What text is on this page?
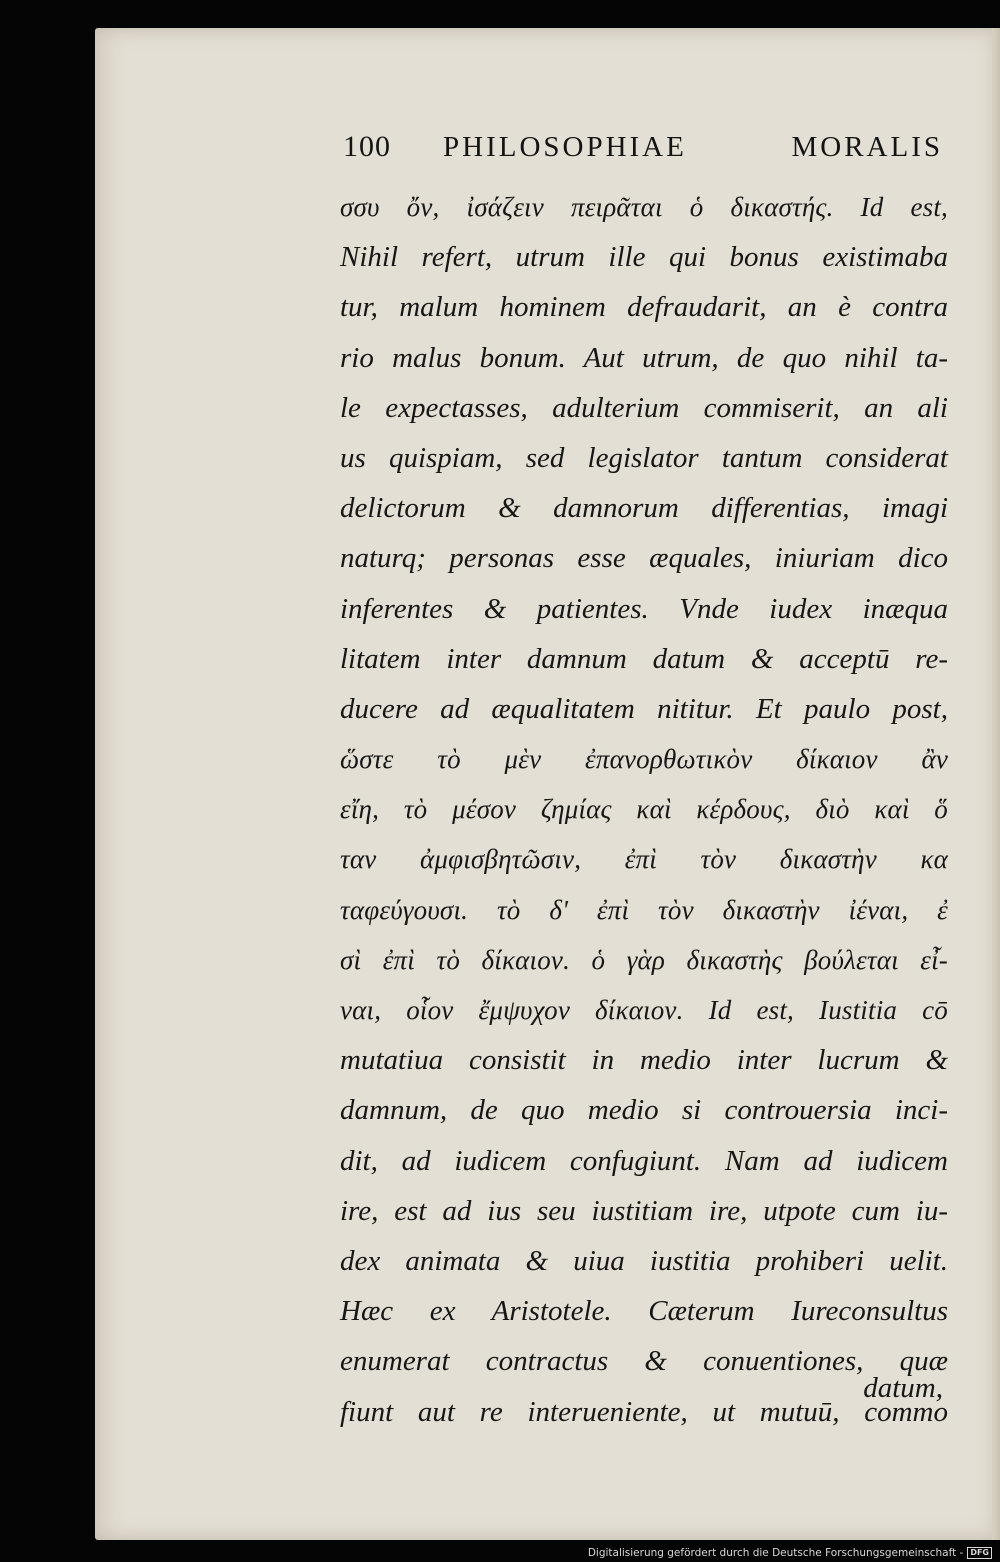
100	PHILOSOPHIAE	MORALIS
σσυ ὄν, ἰσάζειν πειρᾶται ὁ δικαστής. Id est,
Nihil refert, utrum ille qui bonus existimaba
tur, malum hominem defraudarit, an è contra
rio malus bonum. Aut utrum, de quo nihil ta-
le expectasses, adulterium commiserit, an ali
us quispiam, sed legislator tantum considerat
delictorum & damnorum differentias, imagi
naturq; personas esse æquales, iniuriam dico
inferentes & patientes. Vnde iudex inæqua
litatem inter damnum datum & acceptū re-
ducere ad æqualitatem nititur. Et paulo post,
ὥστε τὸ μὲν ἐπανορθωτικὸν δίκαιον ἂν
εἴη, τὸ μέσον ζημίας καὶ κέρδους, διὸ καὶ ὅ
ταν ἀμφισβητῶσιν, ἐπὶ τὸν δικαστὴν κα
ταφεύγουσι. τὸ δ' ἐπὶ τὸν δικαστὴν ἰέναι, ἐ
σὶ ἐπὶ τὸ δίκαιον. ὁ γὰρ δικαστὴς βούλεται εἶ-
ναι, οἷον ἔμψυχον δίκαιον. Id est, Iustitia cō
mutatiua consistit in medio inter lucrum &
damnum, de quo medio si controuersia inci-
dit, ad iudicem confugiunt. Nam ad iudicem
ire, est ad ius seu iustitiam ire, utpote cum iu-
dex animata & uiua iustitia prohiberi uelit.
Hæc ex Aristotele. Cæterum Iureconsultus
enumerat contractus & conuentiones, quæ
fiunt aut re interueniente, ut mutuū, commo
datum,
Digitalisierung gefördert durch die Deutsche Forschungsgemeinschaft - DFG
